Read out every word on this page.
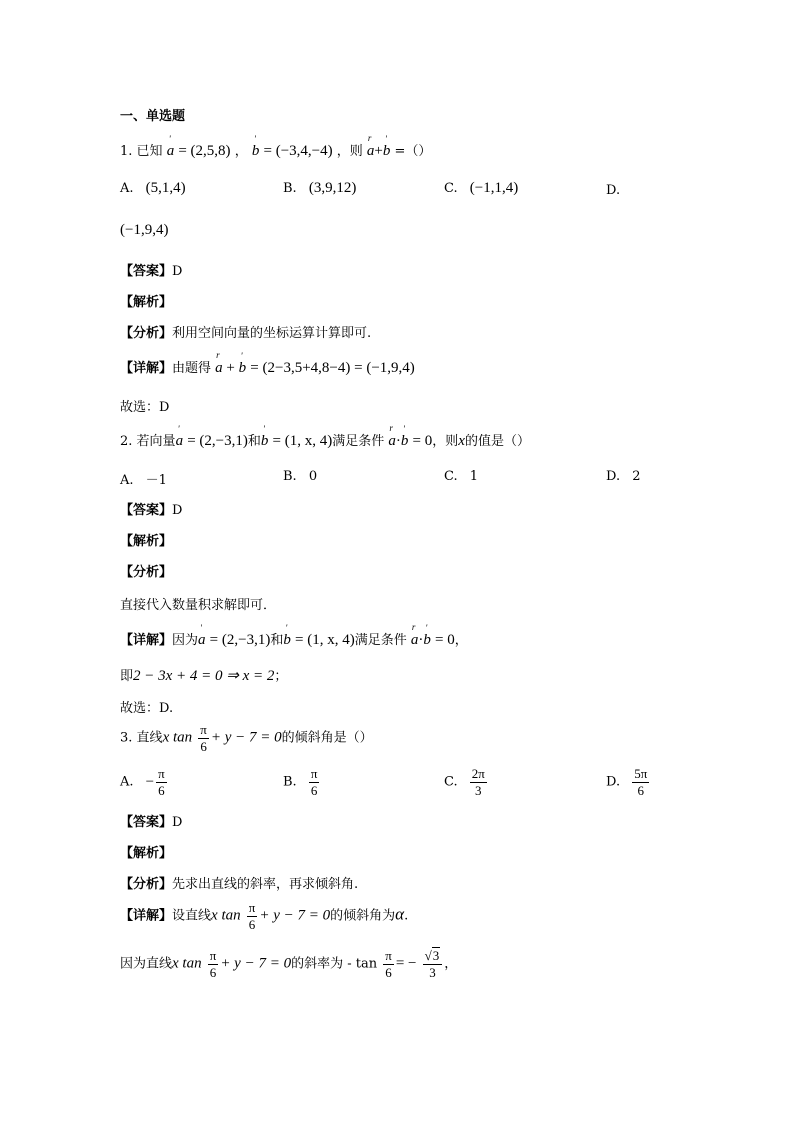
一、单选题
1. 已知 ' a = (2,5,8) ， ' b = (−3,4,−4) ，则 r a+' b =（）
A. (5,1,4)	B. (3,9,12)	C. (−1,1,4)	D.
(−1,9,4)
【答案】D
【解析】
【分析】利用空间向量的坐标运算计算即可.
【详解】由题得 r a + ' b = (2−3,5+4,8−4) = (−1,9,4)
故选：D
2. 若向量' a = (2,−3,1)和' b = (1, x, 4)满足条件 r a·' b = 0，则x的值是（）
A. －1	B. 0	C. 1	D. 2
【答案】D
【解析】
【分析】
直接代入数量积求解即可．
【详解】因为' a = (2,−3,1)和' b = (1, x, 4)满足条件 r a·' b = 0，
即2 − 3x + 4 = 0 ⇒ x = 2；
故选：D.
3. 直线x $\tan \frac{\pi}{6} + y - 7 = 0$的倾斜角是（）
A. − $\frac{\pi}{6}$	B. $\frac{\pi}{6}$	C. $\frac{2\pi}{3}$	D. $\frac{5\pi}{6}$
【答案】D
【解析】
【分析】先求出直线的斜率，再求倾斜角.
【详解】设直线x $\tan \frac{\pi}{6} + y - 7 = 0$的倾斜角为α.
因为直线x $\tan \frac{\pi}{6} + y - 7 = 0$的斜率为 - $\tan \frac{\pi}{6}$ = − $\frac{√3}{3}$ ，
